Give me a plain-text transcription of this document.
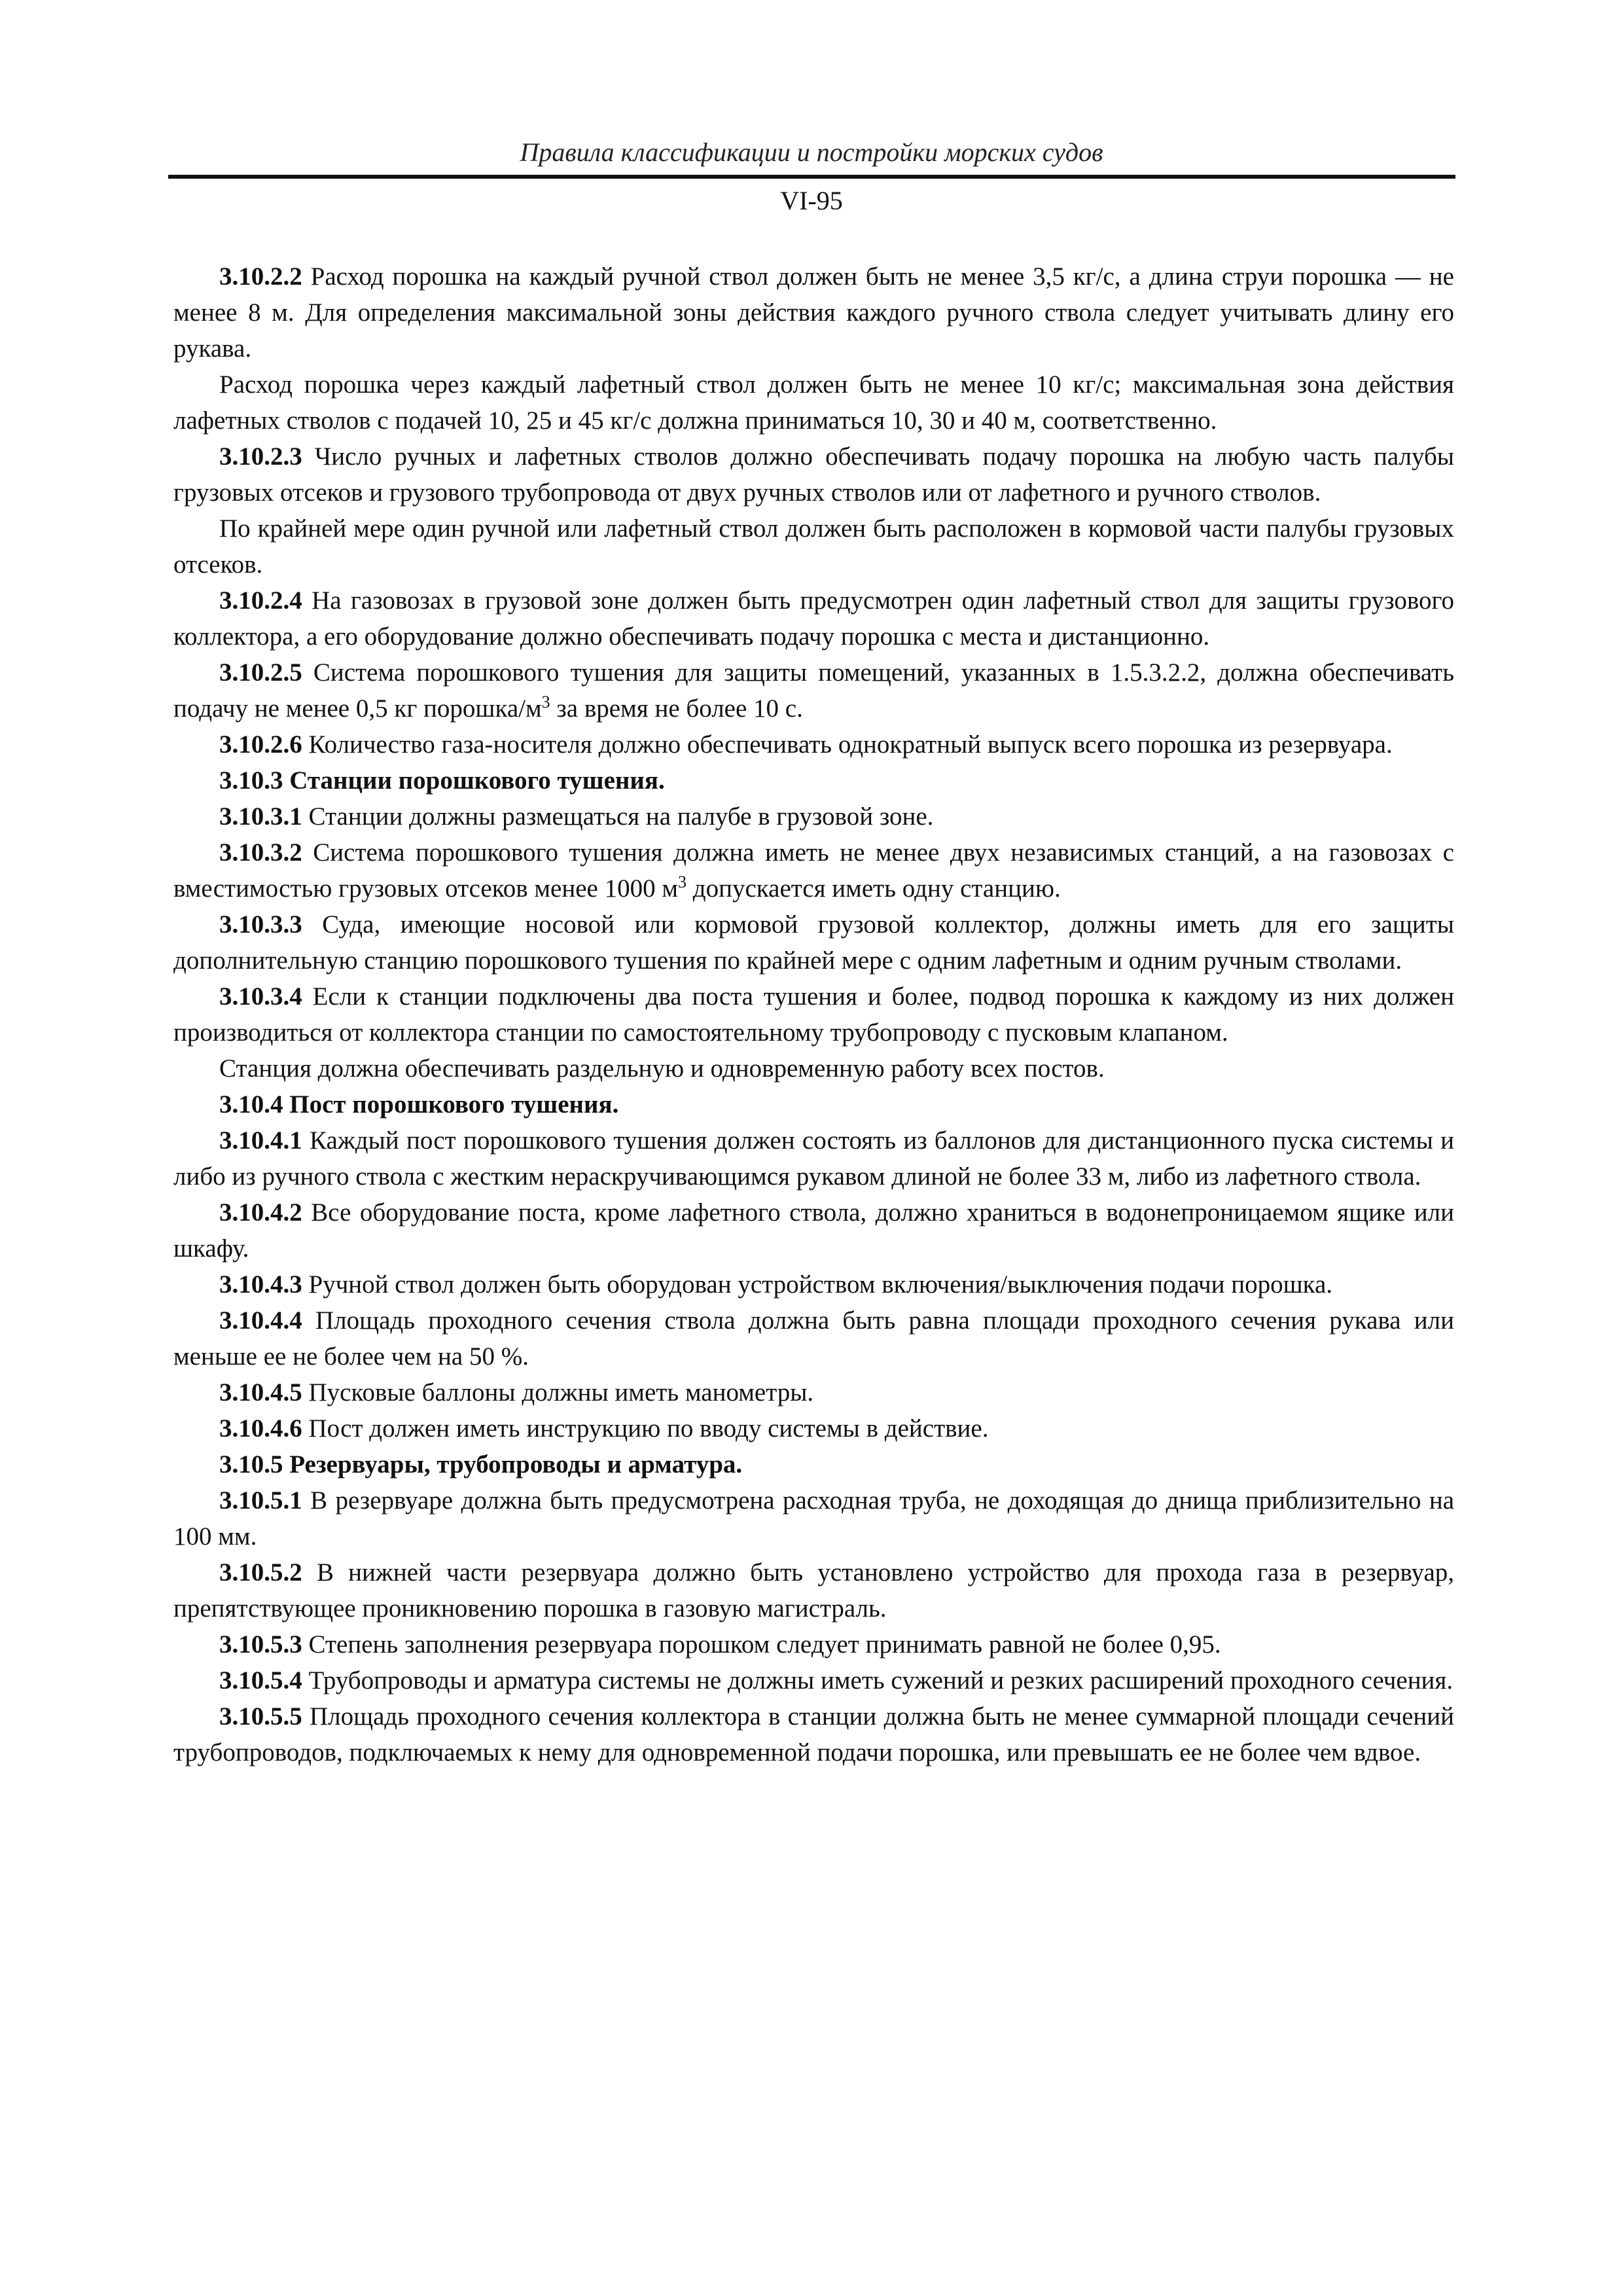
Правила классификации и постройки морских судов
VI-95

3.10.2.2 Расход порошка на каждый ручной ствол должен быть не менее 3,5 кг/с, а длина струи порошка — не менее 8 м. Для определения максимальной зоны действия каждого ручного ствола следует учитывать длину его рукава.

Расход порошка через каждый лафетный ствол должен быть не менее 10 кг/с; максимальная зона действия лафетных стволов с подачей 10, 25 и 45 кг/с должна приниматься 10, 30 и 40 м, соответственно.

3.10.2.3 Число ручных и лафетных стволов должно обеспечивать подачу порошка на любую часть палубы грузовых отсеков и грузового трубопровода от двух ручных стволов или от лафетного и ручного стволов.

По крайней мере один ручной или лафетный ствол должен быть расположен в кормовой части палубы грузовых отсеков.

3.10.2.4 На газовозах в грузовой зоне должен быть предусмотрен один лафетный ствол для защиты грузового коллектора, а его оборудование должно обеспечивать подачу порошка с места и дистанционно.

3.10.2.5 Система порошкового тушения для защиты помещений, указанных в 1.5.3.2.2, должна обеспечивать подачу не менее 0,5 кг порошка/$м^3$ за время не более 10 с.

3.10.2.6 Количество газа-носителя должно обеспечивать однократный выпуск всего порошка из резервуара.

3.10.3 Станции порошкового тушения.

3.10.3.1 Станции должны размещаться на палубе в грузовой зоне.

3.10.3.2 Система порошкового тушения должна иметь не менее двух независимых станций, а на газовозах с вместимостью грузовых отсеков менее 1000 $м^3$ допускается иметь одну станцию.

3.10.3.3 Суда, имеющие носовой или кормовой грузовой коллектор, должны иметь для его защиты дополнительную станцию порошкового тушения по крайней мере с одним лафетным и одним ручным стволами.

3.10.3.4 Если к станции подключены два поста тушения и более, подвод порошка к каждому из них должен производиться от коллектора станции по самостоятельному трубопроводу с пусковым клапаном.

Станция должна обеспечивать раздельную и одновременную работу всех постов.

3.10.4 Пост порошкового тушения.

3.10.4.1 Каждый пост порошкового тушения должен состоять из баллонов для дистанционного пуска системы и либо из ручного ствола с жестким нераскручивающимся рукавом длиной не более 33 м, либо из лафетного ствола.

3.10.4.2 Все оборудование поста, кроме лафетного ствола, должно храниться в водонепроницаемом ящике или шкафу.

3.10.4.3 Ручной ствол должен быть оборудован устройством включения/выключения подачи порошка.

3.10.4.4 Площадь проходного сечения ствола должна быть равна площади проходного сечения рукава или меньше ее не более чем на 50 %.

3.10.4.5 Пусковые баллоны должны иметь манометры.

3.10.4.6 Пост должен иметь инструкцию по вводу системы в действие.

3.10.5 Резервуары, трубопроводы и арматура.

3.10.5.1 В резервуаре должна быть предусмотрена расходная труба, не доходящая до днища приблизительно на 100 мм.

3.10.5.2 В нижней части резервуара должно быть установлено устройство для прохода газа в резервуар, препятствующее проникновению порошка в газовую магистраль.

3.10.5.3 Степень заполнения резервуара порошком следует принимать равной не более 0,95.

3.10.5.4 Трубопроводы и арматура системы не должны иметь сужений и резких расширений проходного сечения.

3.10.5.5 Площадь проходного сечения коллектора в станции должна быть не менее суммарной площади сечений трубопроводов, подключаемых к нему для одновременной подачи порошка, или превышать ее не более чем вдвое.
